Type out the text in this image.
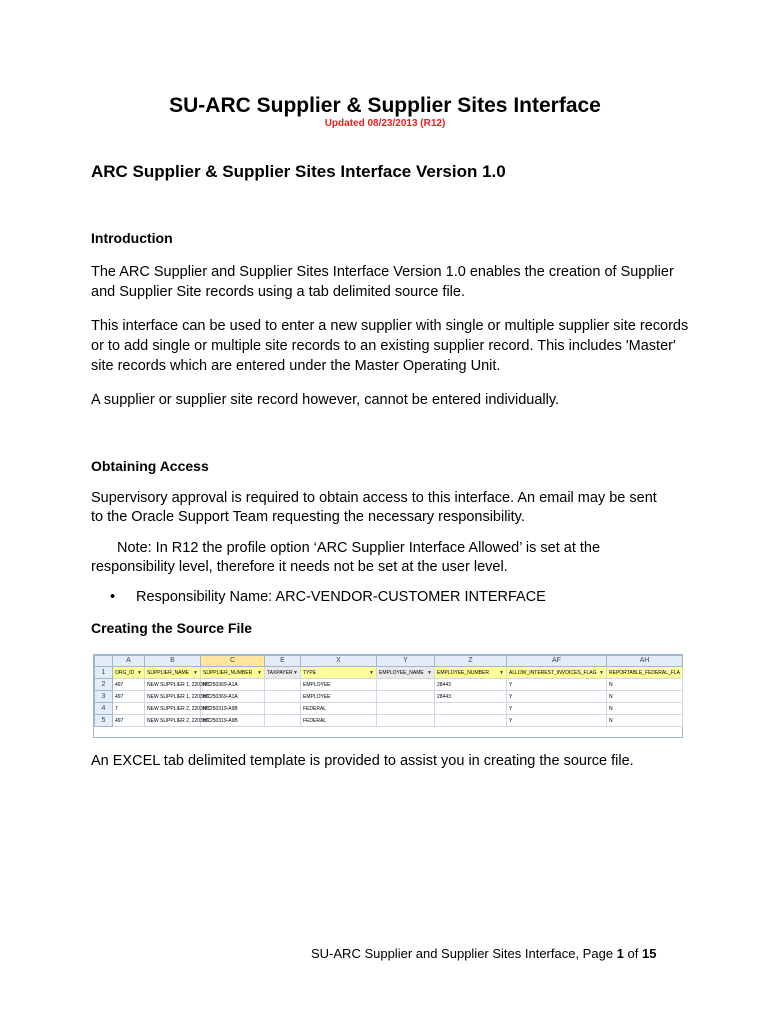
SU-ARC Supplier & Supplier Sites Interface
Updated 08/23/2013 (R12)
ARC Supplier & Supplier Sites Interface Version 1.0
Introduction
The ARC Supplier and Supplier Sites Interface Version 1.0 enables the creation of Supplier and Supplier Site records using a tab delimited source file.
This interface can be used to enter a new supplier with single or multiple supplier site records or to add single or multiple site records to an existing supplier record. This includes 'Master' site records which are entered under the Master Operating Unit.
A supplier or supplier site record however, cannot be entered individually.
Obtaining Access
Supervisory approval is required to obtain access to this interface. An email may be sent to the Oracle Support Team requesting the necessary responsibility.
Note: In R12 the profile option ‘ARC Supplier Interface Allowed’ is set at the responsibility level, therefore it needs not be set at the user level.
• Responsibility Name: ARC-VENDOR-CUSTOMER INTERFACE
Creating the Source File
	A	B	C	E	X	Y	Z	AF	AH
1	ORG_ID ▼	SUPPLIER_NAME ▼	SUPPLIER_NUMBER ▼	TAXPAYER ▼	TYPE ▼	EMPLOYEE_NAME ▼	EMPLOYEE_NUMBER ▼	ALLOW_INTEREST_INVOICES_FLAG ▼	REPORTABLE_FEDERAL_FLA
2	497	NEW SUPPLIER 1, 2203HC	M7250369-A1A		EMPLOYEE		28443	Y	N
3	497	NEW SUPPLIER 1, 2203HC	M7250369-A1A		EMPLOYEE		28443	Y	N
4	7	NEW SUPPLIER 2, 2203HC	M7250319-A9B		FEDERAL			Y	N
5	497	NEW SUPPLIER 2, 2203HC	M7250319-A9B		FEDERAL			Y	N
An EXCEL tab delimited template is provided to assist you in creating the source file.
SU-ARC Supplier and Supplier Sites Interface, Page 1 of 15
